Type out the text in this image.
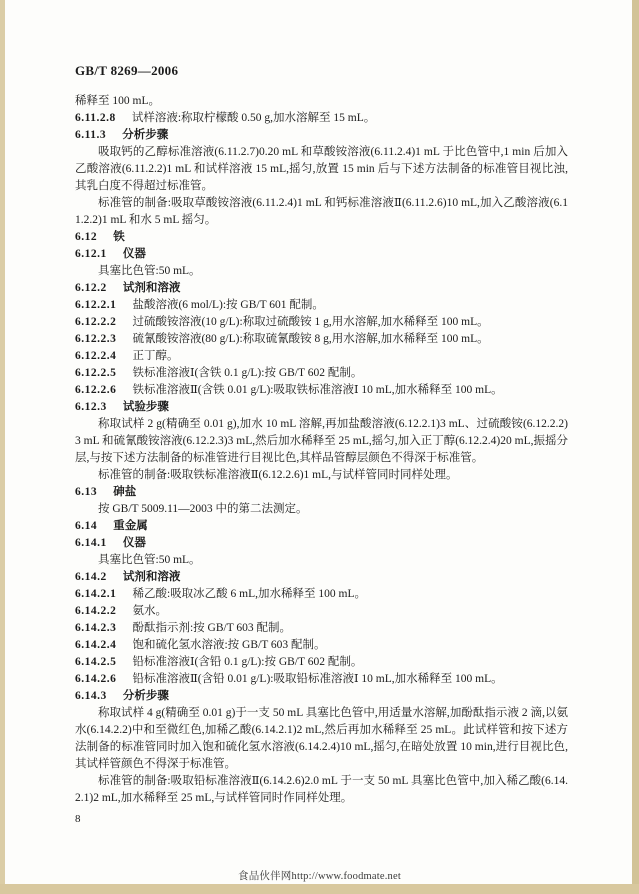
GB/T 8269—2006

稀释至 100 mL。

6.11.2.8 试样溶液:称取柠檬酸 0.50 g,加水溶解至 15 mL。

6.11.3 分析步骤

吸取钙的乙醇标准溶液(6.11.2.7)0.20 mL 和草酸铵溶液(6.11.2.4)1 mL 于比色管中,1 min 后加入乙酸溶液(6.11.2.2)1 mL 和试样溶液 15 mL,摇匀,放置 15 min 后与下述方法制备的标准管目视比浊,其乳白度不得超过标准管。

标准管的制备:吸取草酸铵溶液(6.11.2.4)1 mL 和钙标准溶液Ⅱ(6.11.2.6)10 mL,加入乙酸溶液(6.11.2.2)1 mL 和水 5 mL 摇匀。

6.12 铁

6.12.1 仪器

具塞比色管:50 mL。

6.12.2 试剂和溶液

6.12.2.1 盐酸溶液(6 mol/L):按 GB/T 601 配制。

6.12.2.2 过硫酸铵溶液(10 g/L):称取过硫酸铵 1 g,用水溶解,加水稀释至 100 mL。

6.12.2.3 硫氰酸铵溶液(80 g/L):称取硫氰酸铵 8 g,用水溶解,加水稀释至 100 mL。

6.12.2.4 正丁醇。

6.12.2.5 铁标准溶液Ⅰ(含铁 0.1 g/L):按 GB/T 602 配制。

6.12.2.6 铁标准溶液Ⅱ(含铁 0.01 g/L):吸取铁标准溶液Ⅰ 10 mL,加水稀释至 100 mL。

6.12.3 试验步骤

称取试样 2 g(精确至 0.01 g),加水 10 mL 溶解,再加盐酸溶液(6.12.2.1)3 mL、过硫酸铵(6.12.2.2)3 mL 和硫氰酸铵溶液(6.12.2.3)3 mL,然后加水稀释至 25 mL,摇匀,加入正丁醇(6.12.2.4)20 mL,振摇分层,与按下述方法制备的标准管进行目视比色,其样品管醇层颜色不得深于标准管。

标准管的制备:吸取铁标准溶液Ⅱ(6.12.2.6)1 mL,与试样管同时同样处理。

6.13 砷盐

按 GB/T 5009.11—2003 中的第二法测定。

6.14 重金属

6.14.1 仪器

具塞比色管:50 mL。

6.14.2 试剂和溶液

6.14.2.1 稀乙酸:吸取冰乙酸 6 mL,加水稀释至 100 mL。

6.14.2.2 氨水。

6.14.2.3 酚酞指示剂:按 GB/T 603 配制。

6.14.2.4 饱和硫化氢水溶液:按 GB/T 603 配制。

6.14.2.5 铅标准溶液Ⅰ(含铅 0.1 g/L):按 GB/T 602 配制。

6.14.2.6 铅标准溶液Ⅱ(含铅 0.01 g/L):吸取铅标准溶液Ⅰ 10 mL,加水稀释至 100 mL。

6.14.3 分析步骤

称取试样 4 g(精确至 0.01 g)于一支 50 mL 具塞比色管中,用适量水溶解,加酚酞指示液 2 滴,以氨水(6.14.2.2)中和至微红色,加稀乙酸(6.14.2.1)2 mL,然后再加水稀释至 25 mL。此试样管和按下述方法制备的标准管同时加入饱和硫化氢水溶液(6.14.2.4)10 mL,摇匀,在暗处放置 10 min,进行目视比色,其试样管颜色不得深于标准管。

标准管的制备:吸取铅标准溶液Ⅱ(6.14.2.6)2.0 mL 于一支 50 mL 具塞比色管中,加入稀乙酸(6.14.2.1)2 mL,加水稀释至 25 mL,与试样管同时作同样处理。

8
食品伙伴网http://www.foodmate.net
